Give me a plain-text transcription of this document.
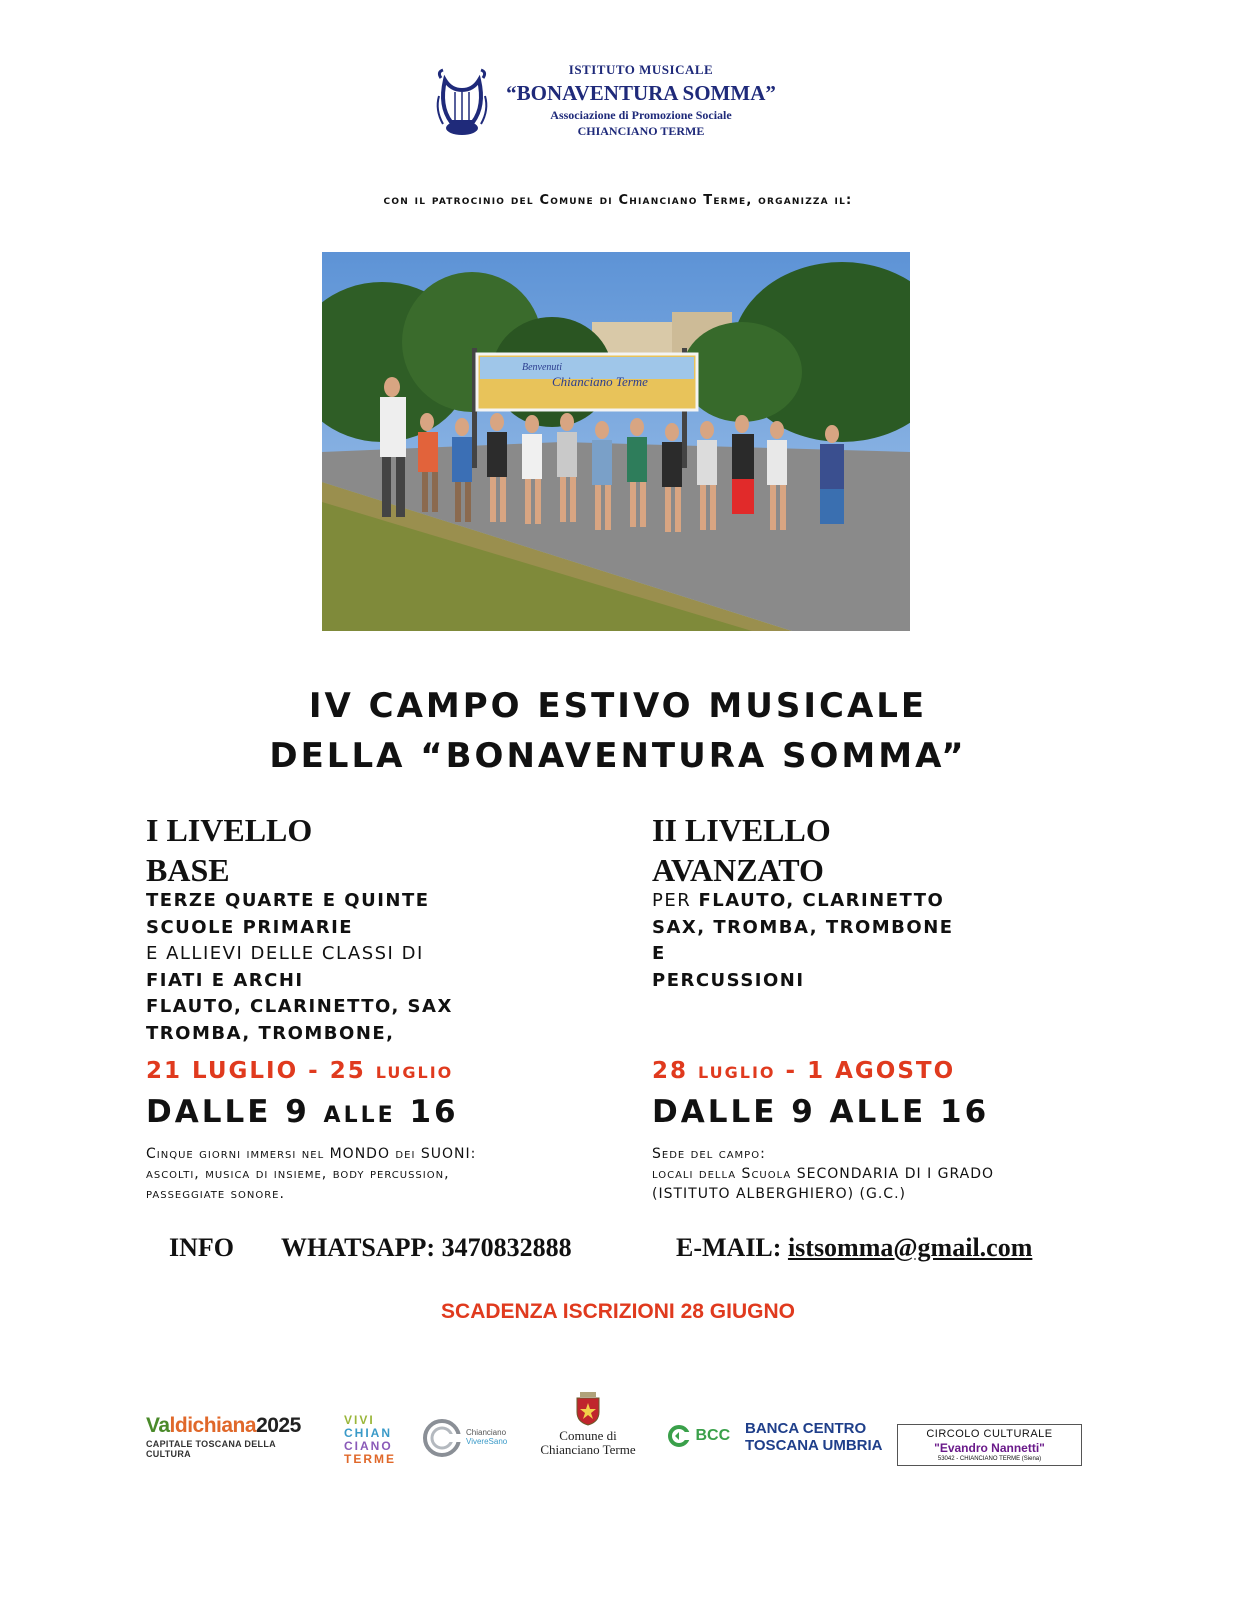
ISTITUTO MUSICALE
“BONAVENTURA SOMMA”
Associazione di Promozione Sociale
CHIANCIANO TERME
con il patrocinio del Comune di Chianciano Terme, organizza il:
Benvenuti
Chianciano Terme
IV CAMPO ESTIVO MUSICALE
DELLA “BONAVENTURA SOMMA”
I LIVELLO
BASE
TERZE QUARTE E QUINTE
SCUOLE PRIMARIE
E ALLIEVI DELLE CLASSI DI
FIATI E ARCHI
FLAUTO, CLARINETTO, SAX
TROMBA, TROMBONE,
21 LUGLIO - 25 luglio
DALLE 9 alle 16
Cinque giorni immersi nel MONDO dei SUONI:
ascolti, musica di insieme, body percussion,
passeggiate sonore.
II LIVELLO
AVANZATO
PER FLAUTO, CLARINETTO
SAX, TROMBA, TROMBONE
E
PERCUSSIONI
28 luglio - 1 AGOSTO
DALLE 9 ALLE 16
Sede del campo:
locali della Scuola SECONDARIA DI I GRADO
(ISTITUTO ALBERGHIERO) (G.C.)
INFO WHATSAPP: 3470832888	E-MAIL: istsomma@gmail.com
SCADENZA ISCRIZIONI 28 GIUGNO
Valdichiana2025
CAPITALE TOSCANA DELLA CULTURA
VIVI
CHIAN
CIANO
TERME
Chianciano
VivereSano	Comune di
Chianciano Terme
BCC BANCA CENTRO
TOSCANA UMBRIA
CIRCOLO CULTURALE
"Evandro Nannetti"
53042 - CHIANCIANO TERME (Siena)
